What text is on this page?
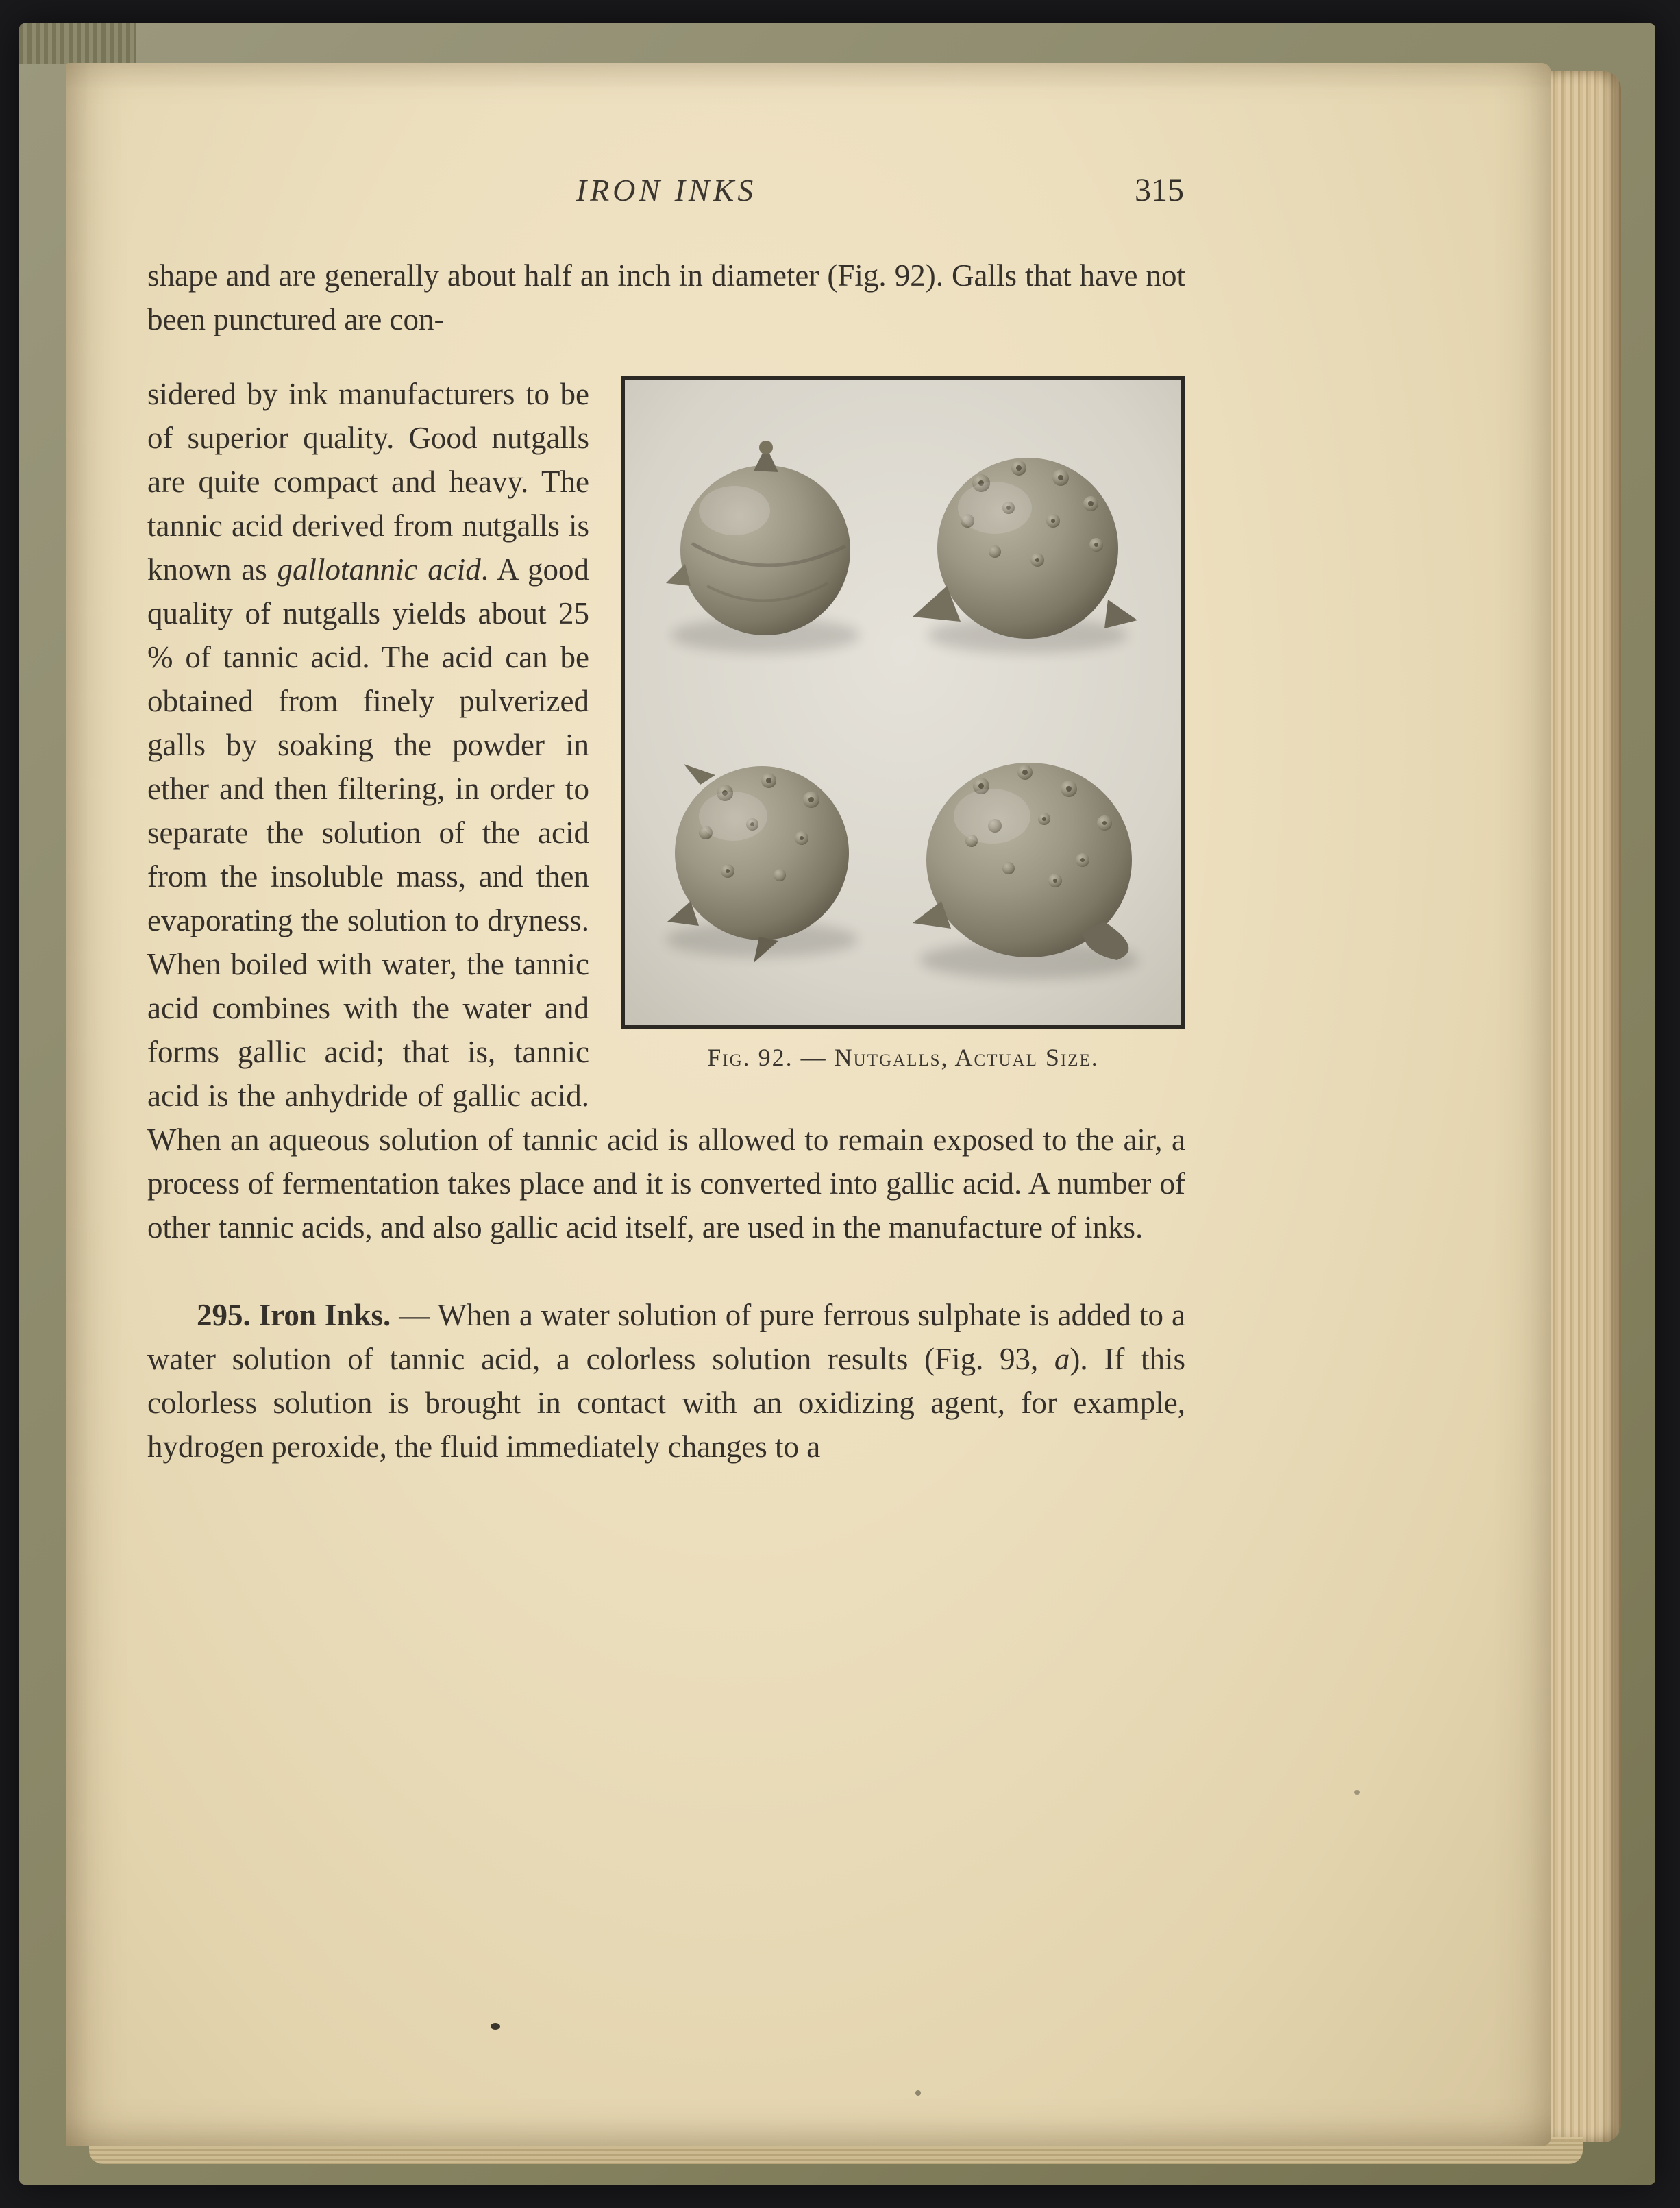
IRON INKS	315

shape and are generally about half an inch in diameter (Fig. 92). Galls that have not been punctured are con-

Fig. 92. — Nutgalls, Actual Size.
sidered by ink manufacturers to be of superior quality. Good nutgalls are quite compact and heavy. The tannic acid derived from nutgalls is known as gallotannic acid. A good quality of nutgalls yields about 25 % of tannic acid. The acid can be obtained from finely pulverized galls by soaking the powder in ether and then filtering, in order to separate the solution of the acid from the insoluble mass, and then evaporating the solution to dryness. When boiled with water, the tannic acid combines with the water and forms gallic acid; that is, tannic acid is the anhydride of gallic acid. When an aqueous solution of tannic acid is allowed to remain exposed to the air, a process of fermentation takes place and it is converted into gallic acid. A number of other tannic acids, and also gallic acid itself, are used in the manufacture of inks.

295. Iron Inks. — When a water solution of pure ferrous sulphate is added to a water solution of tannic acid, a colorless solution results (Fig. 93, a). If this colorless solution is brought in contact with an oxidizing agent, for example, hydrogen peroxide, the fluid immediately changes to a
